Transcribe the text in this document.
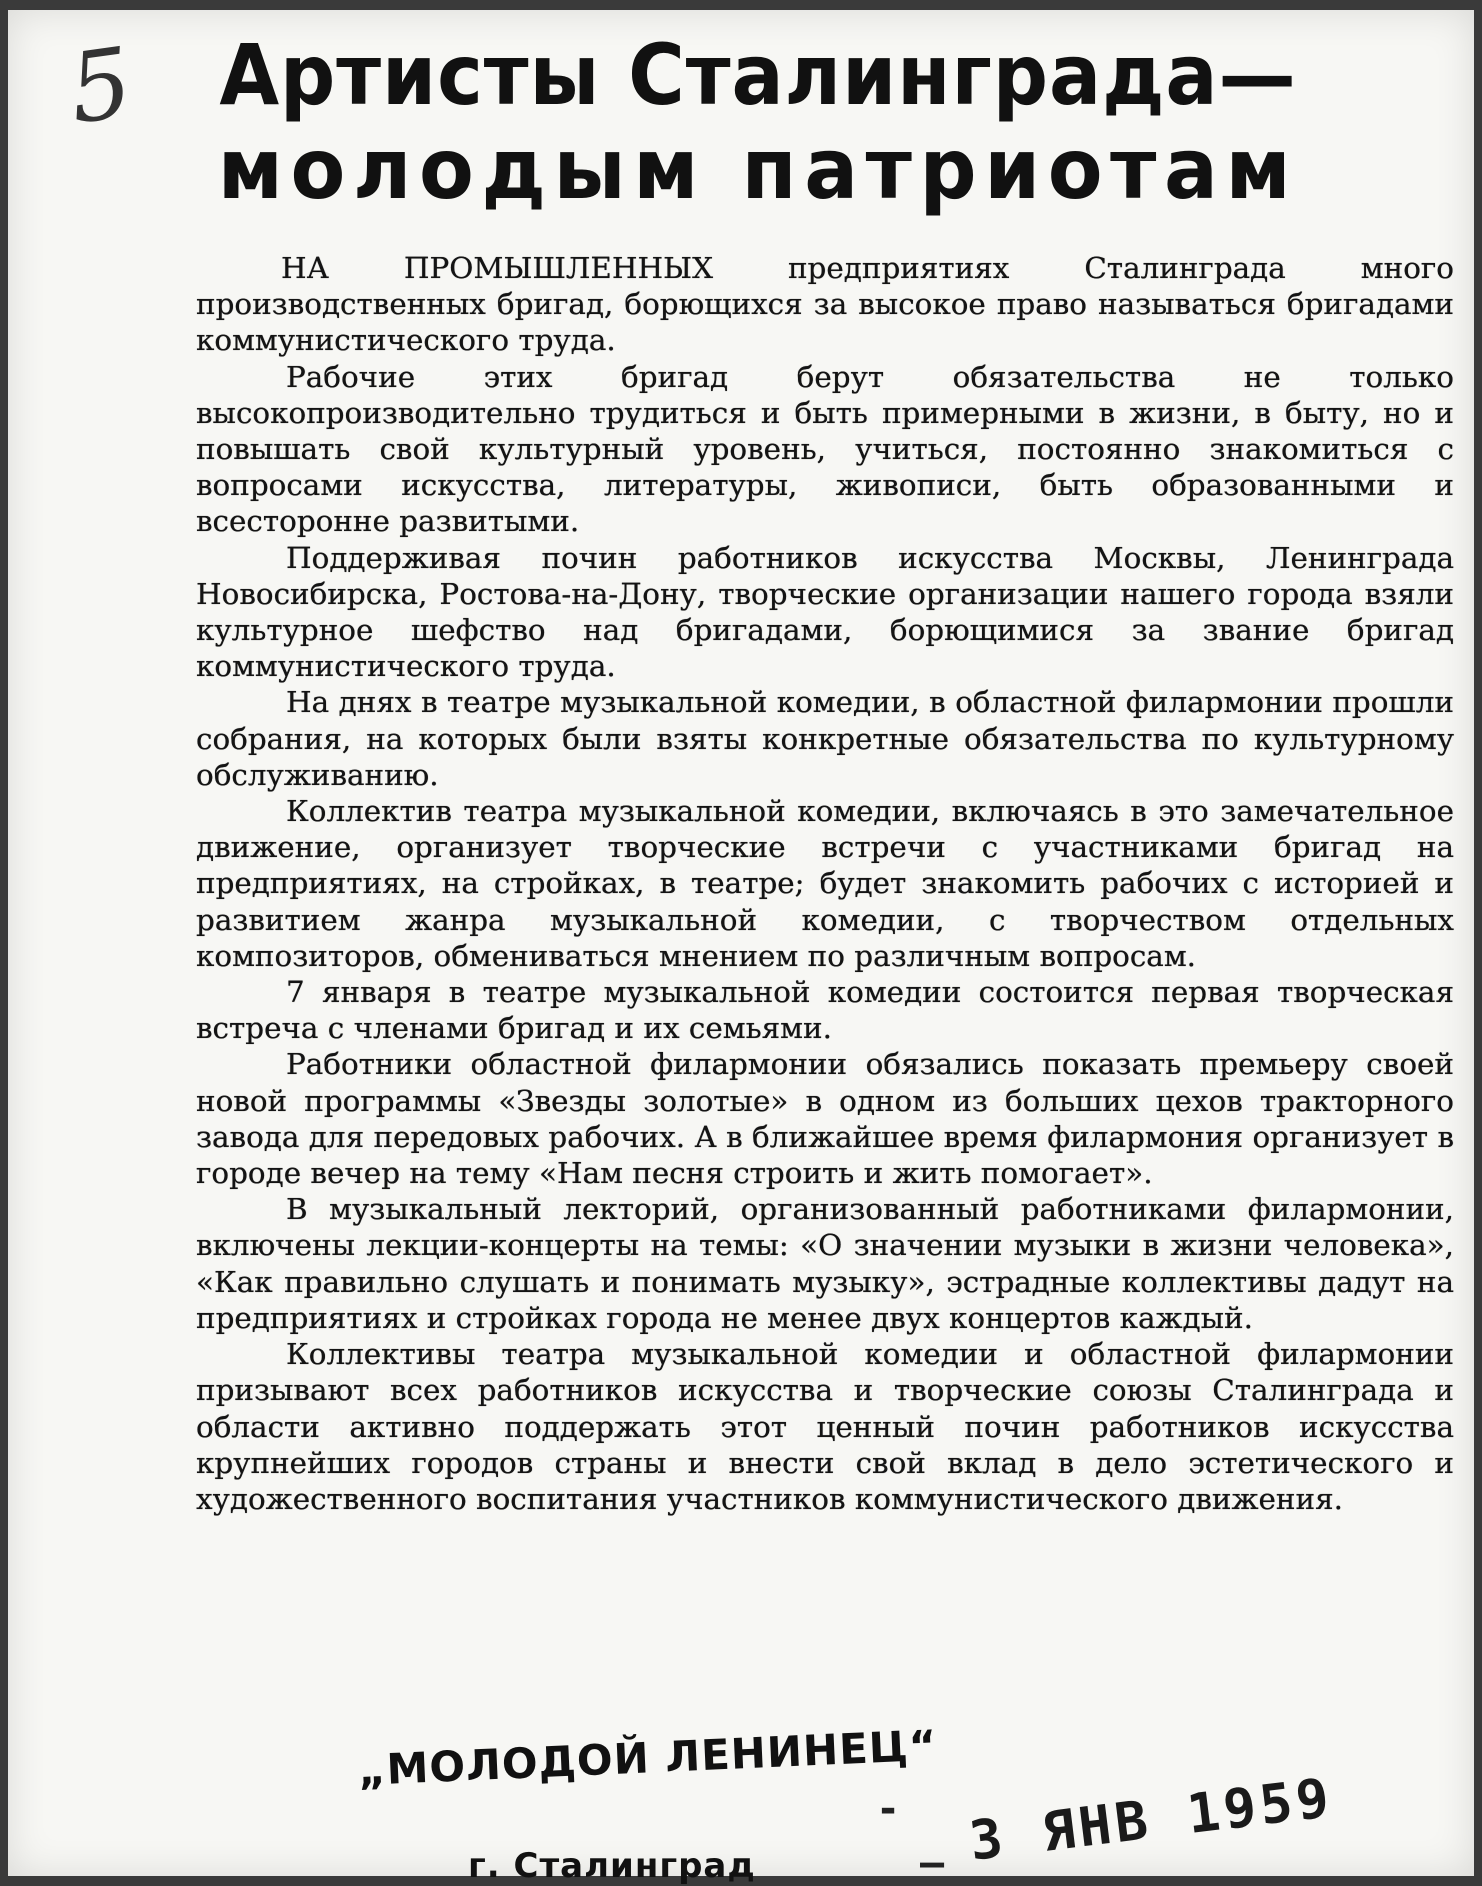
5 Артисты Сталинграда—
молодым патриотам

НА ПРОМЫШЛЕННЫХ предприятиях Сталинграда много производственных бригад, борющихся за высокое право называться бригадами коммунистического труда.

Рабочие этих бригад берут обязательства не только высокопроизводительно трудиться и быть примерными в жизни, в быту, но и повышать свой культурный уровень, учиться, постоянно знакомиться с вопросами искусства, литературы, живописи, быть образованными и всесторонне развитыми.

Поддерживая почин работников искусства Москвы, Ленинграда Новосибирска, Ростова-на-Дону, творческие организации нашего города взяли культурное шефство над бригадами, борющимися за звание бригад коммунистического труда.

На днях в театре музыкальной комедии, в областной филармонии прошли собрания, на которых были взяты конкретные обязательства по культурному обслуживанию.

Коллектив театра музыкальной комедии, включаясь в это замечательное движение, организует творческие встречи с участниками бригад на предприятиях, на стройках, в театре; будет знакомить рабочих с историей и развитием жанра музыкальной комедии, с творчеством отдельных композиторов, обмениваться мнением по различным вопросам.

7 января в театре музыкальной комедии состоится первая творческая встреча с членами бригад и их семьями.

Работники областной филармонии обязались показать премьеру своей новой программы «Звезды золотые» в одном из больших цехов тракторного завода для передовых рабочих. А в ближайшее время филармония организует в городе вечер на тему «Нам песня строить и жить помогает».

В музыкальный лекторий, организованный работниками филармонии, включены лекции-концерты на темы: «О значении музыки в жизни человека», «Как правильно слушать и понимать музыку», эстрадные коллективы дадут на предприятиях и стройках города не менее двух концертов каждый.

Коллективы театра музыкальной комедии и областной филармонии призывают всех работников искусства и творческие союзы Сталинграда и области активно поддержать этот ценный почин работников искусства крупнейших городов страны и внести свой вклад в дело эстетического и художественного воспитания участников коммунистического движения.

„МОЛОДОЙ ЛЕНИНЕЦ“
г. Сталинград
-
— 3 ЯНВ 1959
